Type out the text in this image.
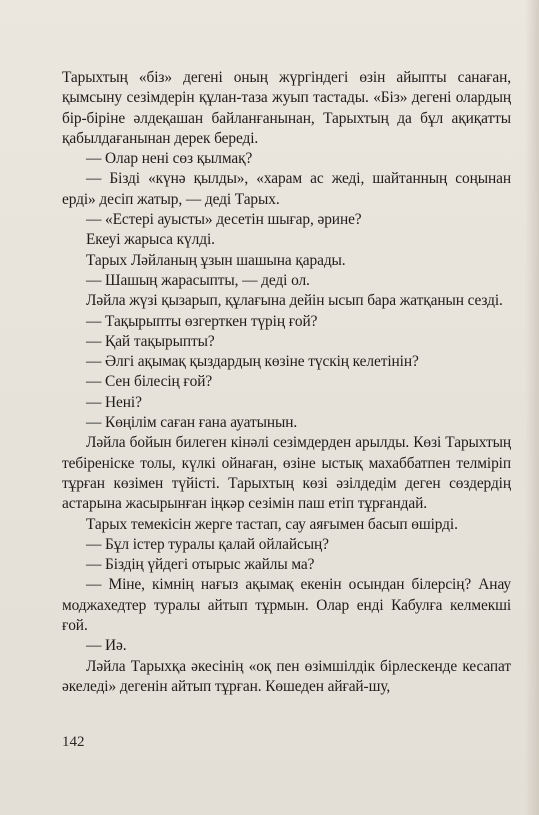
Тарыхтың «біз» дегені оның жүргіндегі өзін айыпты санаған, қымсыну сезімдерін құлан-таза жуып тастады. «Біз» дегені олардың бір-біріне әлдеқашан байланғанынан, Тарыхтың да бұл ақиқатты қабылдағанынан дерек береді.

— Олар нені сөз қылмақ?

— Бізді «күнә қылды», «харам ас жеді, шайтанның соңынан ерді» десіп жатыр, — деді Тарых.

— «Естері ауысты» десетін шығар, әрине?

Екеуі жарыса күлді.

Тарых Ләйланың ұзын шашына қарады.

— Шашың жарасыпты, — деді ол.

Ләйла жүзі қызарып, құлағына дейін ысып бара жатқанын сезді.

— Тақырыпты өзгерткен түрің ғой?

— Қай тақырыпты?

— Әлгі ақымақ қыздардың көзіне түскің келетінін?

— Сен білесің ғой?

— Нені?

— Көңілім саған ғана ауатынын.

Ләйла бойын билеген кінәлі сезімдерден арылды. Көзі Тарыхтың тебіреніске толы, күлкі ойнаған, өзіне ыстық махаббатпен телміріп тұрған көзімен түйісті. Тарыхтың көзі әзілдедім деген сөздердің астарына жасырынған іңкәр сезімін паш етіп тұрғандай.

Тарых темекісін жерге тастап, сау аяғымен басып өшірді.

— Бұл істер туралы қалай ойлайсың?

— Біздің үйдегі отырыс жайлы ма?

— Міне, кімнің нағыз ақымақ екенін осындан білерсің? Анау моджахедтер туралы айтып тұрмын. Олар енді Кабулға келмекші ғой.

— Иә.

Ләйла Тарыхқа әкесінің «оқ пен өзімшілдік бірлескенде кесапат әкеледі» дегенін айтып тұрған. Көшеден айғай-шу,

142
